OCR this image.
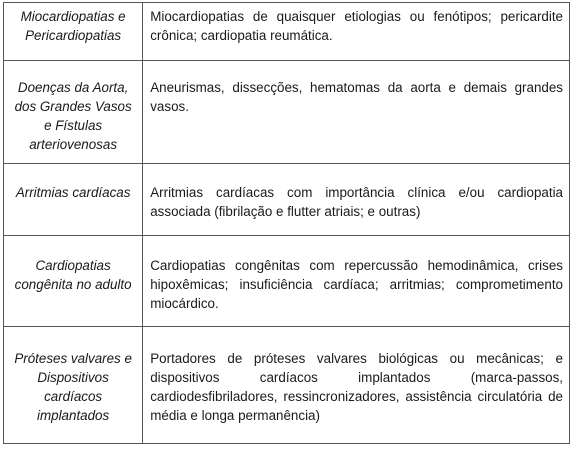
Miocardiopatias e Pericardiopatias	Miocardiopatias de quaisquer etiologias ou fenótipos; pericardite crônica; cardiopatia reumática.
Doenças da Aorta, dos Grandes Vasos e Fístulas arteriovenosas	Aneurismas, dissecções, hematomas da aorta e demais grandes vasos.
Arritmias cardíacas	Arritmias cardíacas com importância clínica e/ou cardiopatia associada (fibrilação e flutter atriais; e outras)
Cardiopatias congênita no adulto	Cardiopatias congênitas com repercussão hemodinâmica, crises hipoxêmicas; insuficiência cardíaca; arritmias; comprometimento miocárdico.
Próteses valvares e Dispositivos cardíacos implantados	Portadores de próteses valvares biológicas ou mecânicas; e dispositivos cardíacos implantados (marca-passos, cardiodesfibriladores, ressincronizadores, assistência circulatória de média e longa permanência)
